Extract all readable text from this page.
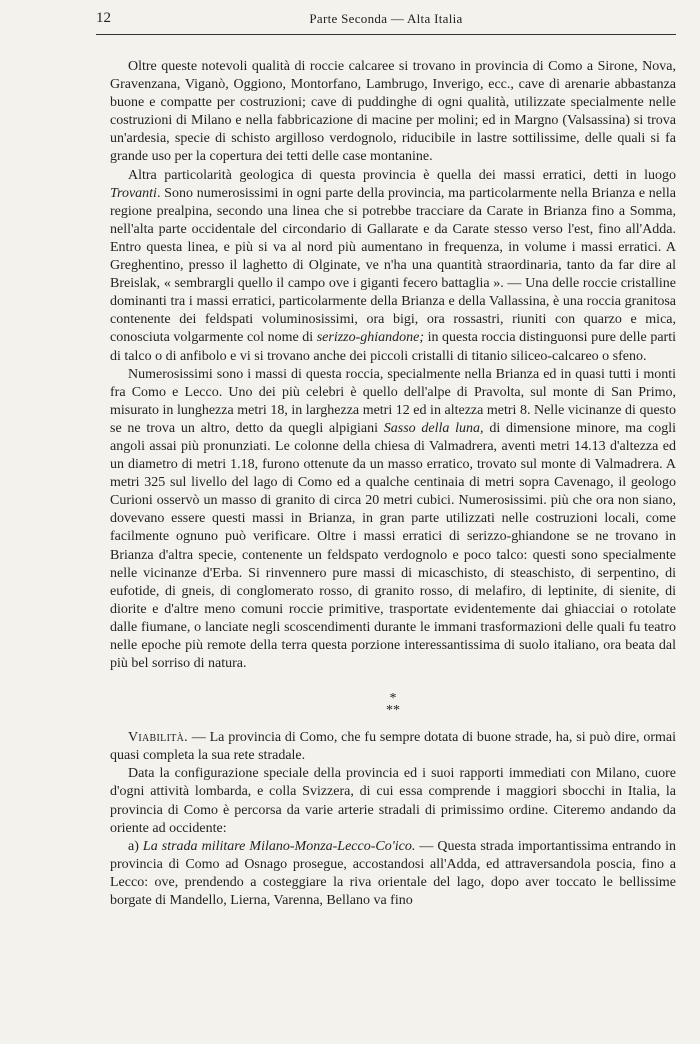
12	Parte Seconda — Alta Italia

Oltre queste notevoli qualità di roccie calcaree si trovano in provincia di Como a Sirone, Nova, Gravenzana, Viganò, Oggiono, Montorfano, Lambrugo, Inverigo, ecc., cave di arenarie abbastanza buone e compatte per costruzioni; cave di puddinghe di ogni qualità, utilizzate specialmente nelle costruzioni di Milano e nella fabbricazione di macine per molini; ed in Margno (Valsassina) si trova un'ardesia, specie di schisto argilloso verdognolo, riducibile in lastre sottilissime, delle quali si fa grande uso per la copertura dei tetti delle case montanine.

Altra particolarità geologica di questa provincia è quella dei massi erratici, detti in luogo Trovanti. Sono numerosissimi in ogni parte della provincia, ma particolarmente nella Brianza e nella regione prealpina, secondo una linea che si potrebbe tracciare da Carate in Brianza fino a Somma, nell'alta parte occidentale del circondario di Gallarate e da Carate stesso verso l'est, fino all'Adda. Entro questa linea, e più si va al nord più aumentano in frequenza, in volume i massi erratici. A Greghentino, presso il laghetto di Olginate, ve n'ha una quantità straordinaria, tanto da far dire al Breislak, « sembrargli quello il campo ove i giganti fecero battaglia ». — Una delle roccie cristalline dominanti tra i massi erratici, particolarmente della Brianza e della Vallassina, è una roccia granitosa contenente dei feldspati voluminosissimi, ora bigi, ora rossastri, riuniti con quarzo e mica, conosciuta volgarmente col nome di serizzo-ghiandone; in questa roccia distinguonsi pure delle parti di talco o di anfibolo e vi si trovano anche dei piccoli cristalli di titanio siliceo-calcareo o sfeno.

Numerosissimi sono i massi di questa roccia, specialmente nella Brianza ed in quasi tutti i monti fra Como e Lecco. Uno dei più celebri è quello dell'alpe di Pravolta, sul monte di San Primo, misurato in lunghezza metri 18, in larghezza metri 12 ed in altezza metri 8. Nelle vicinanze di questo se ne trova un altro, detto da quegli alpigiani Sasso della luna, di dimensione minore, ma cogli angoli assai più pronunziati. Le colonne della chiesa di Valmadrera, aventi metri 14.13 d'altezza ed un diametro di metri 1.18, furono ottenute da un masso erratico, trovato sul monte di Valmadrera. A metri 325 sul livello del lago di Como ed a qualche centinaia di metri sopra Cavenago, il geologo Curioni osservò un masso di granito di circa 20 metri cubici. Numerosissimi. più che ora non siano, dovevano essere questi massi in Brianza, in gran parte utilizzati nelle costruzioni locali, come facilmente ognuno può verificare. Oltre i massi erratici di serizzo-ghiandone se ne trovano in Brianza d'altra specie, contenente un feldspato verdognolo e poco talco: questi sono specialmente nelle vicinanze d'Erba. Si rinvennero pure massi di micaschisto, di steaschisto, di serpentino, di eufotide, di gneis, di conglomerato rosso, di granito rosso, di melafiro, di leptinite, di sienite, di diorite e d'altre meno comuni roccie primitive, trasportate evidentemente dai ghiacciai o rotolate dalle fiumane, o lanciate negli scoscendimenti durante le immani trasformazioni delle quali fu teatro nelle epoche più remote della terra questa porzione interessantissima di suolo italiano, ora beata dal più bel sorriso di natura.

*
**

Viabilità. — La provincia di Como, che fu sempre dotata di buone strade, ha, si può dire, ormai quasi completa la sua rete stradale.

Data la configurazione speciale della provincia ed i suoi rapporti immediati con Milano, cuore d'ogni attività lombarda, e colla Svizzera, di cui essa comprende i maggiori sbocchi in Italia, la provincia di Como è percorsa da varie arterie stradali di primissimo ordine. Citeremo andando da oriente ad occidente:

a) La strada militare Milano-Monza-Lecco-Co'ico. — Questa strada importantissima entrando in provincia di Como ad Osnago prosegue, accostandosi all'Adda, ed attraversandola poscia, fino a Lecco: ove, prendendo a costeggiare la riva orientale del lago, dopo aver toccato le bellissime borgate di Mandello, Lierna, Varenna, Bellano va fino
